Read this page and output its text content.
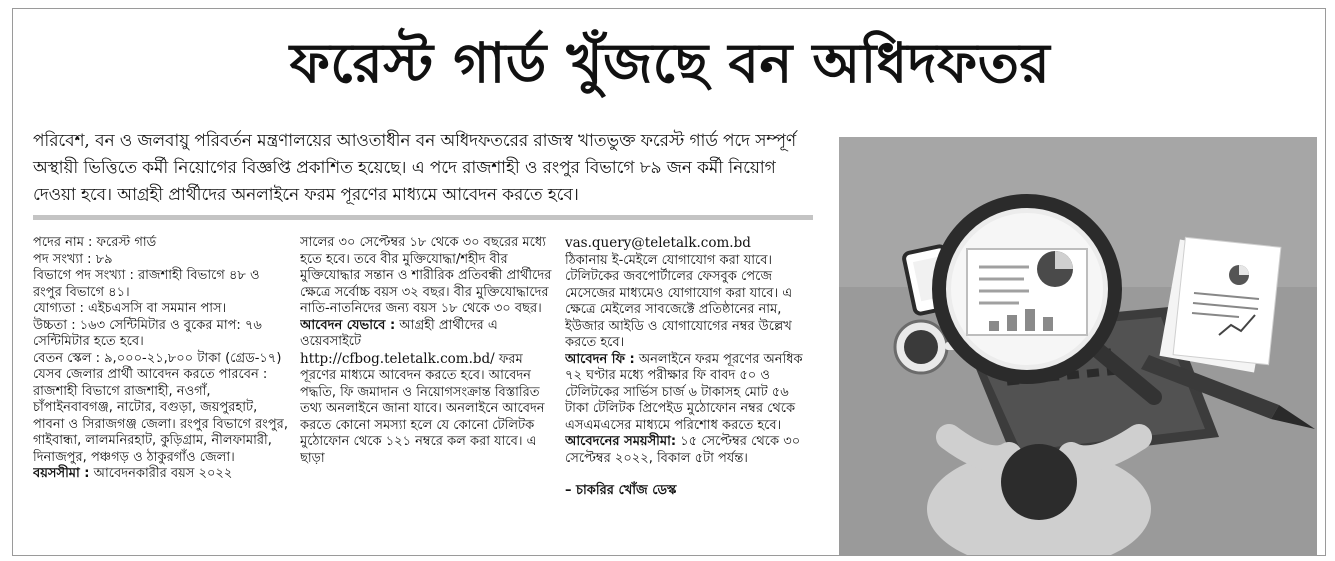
ফরেস্ট গার্ড খুঁজছে বন অধিদফতর

পরিবেশ, বন ও জলবায়ু পরিবর্তন মন্ত্রণালয়ের আওতাধীন বন অধিদফতরের রাজস্ব খাতভুক্ত ফরেস্ট গার্ড পদে সম্পূর্ণ অস্থায়ী ভিত্তিতে কর্মী নিয়োগের বিজ্ঞপ্তি প্রকাশিত হয়েছে। এ পদে রাজশাহী ও রংপুর বিভাগে ৮৯ জন কর্মী নিয়োগ দেওয়া হবে। আগ্রহী প্রার্থীদের অনলাইনে ফরম পূরণের মাধ্যমে আবেদন করতে হবে।

পদের নাম : ফরেস্ট গার্ড

পদ সংখ্যা : ৮৯

বিভাগে পদ সংখ্যা : রাজশাহী বিভাগে ৪৮ ও রংপুর বিভাগে ৪১।

যোগ্যতা : এইচএসসি বা সমমান পাস।

উচ্চতা : ১৬৩ সেন্টিমিটার ও বুকের মাপ: ৭৬ সেন্টিমিটার হতে হবে।

বেতন স্কেল : ৯,০০০-২১,৮০০ টাকা (গ্রেড-১৭)

যেসব জেলার প্রার্থী আবেদন করতে পারবেন : রাজশাহী বিভাগে রাজশাহী, নওগাঁ, চাঁপাইনবাবগঞ্জ, নাটোর, বগুড়া, জয়পুরহাট, পাবনা ও সিরাজগঞ্জ জেলা। রংপুর বিভাগে রংপুর, গাইবান্ধা, লালমনিরহাট, কুড়িগ্রাম, নীলফামারী, দিনাজপুর, পঞ্চগড় ও ঠাকুরগাঁও জেলা।

বয়সসীমা : আবেদনকারীর বয়স ২০২২

সালের ৩০ সেপ্টেম্বর ১৮ থেকে ৩০ বছরের মধ্যে হতে হবে। তবে বীর মুক্তিযোদ্ধা/শহীদ বীর মুক্তিযোদ্ধার সন্তান ও শারীরিক প্রতিবন্ধী প্রার্থীদের ক্ষেত্রে সর্বোচ্চ বয়স ৩২ বছর। বীর মুক্তিযোদ্ধাদের নাতি-নাতনিদের জন্য বয়স ১৮ থেকে ৩০ বছর।

আবেদন যেভাবে : আগ্রহী প্রার্থীদের এ ওয়েবসাইটে
http://cfbog.teletalk.com.bd/ ফরম পূরণের মাধ্যমে আবেদন করতে হবে। আবেদন পদ্ধতি, ফি জমাদান ও নিয়োগসংক্রান্ত বিস্তারিত তথ্য অনলাইনে জানা যাবে। অনলাইনে আবেদন করতে কোনো সমস্যা হলে যে কোনো টেলিটক মুঠোফোন থেকে ১২১ নম্বরে কল করা যাবে। এ ছাড়া

vas.query@teletalk.com.bd
ঠিকানায় ই-মেইলে যোগাযোগ করা যাবে। টেলিটকের জবপোর্টালের ফেসবুক পেজে মেসেজের মাধ্যমেও যোগাযোগ করা যাবে। এ ক্ষেত্রে মেইলের সাবজেক্টে প্রতিষ্ঠানের নাম, ইউজার আইডি ও যোগাযোগের নম্বর উল্লেখ করতে হবে।

আবেদন ফি : অনলাইনে ফরম পূরণের অনধিক ৭২ ঘণ্টার মধ্যে পরীক্ষার ফি বাবদ ৫০ ও টেলিটকের সার্ভিস চার্জ ৬ টাকাসহ মোট ৫৬ টাকা টেলিটক প্রিপেইড মুঠোফোন নম্বর থেকে এসএমএসের মাধ্যমে পরিশোধ করতে হবে।

আবেদনের সময়সীমা: ১৫ সেপ্টেম্বর থেকে ৩০ সেপ্টেম্বর ২০২২, বিকাল ৫টা পর্যন্ত।

– চাকরির খোঁজ ডেস্ক
